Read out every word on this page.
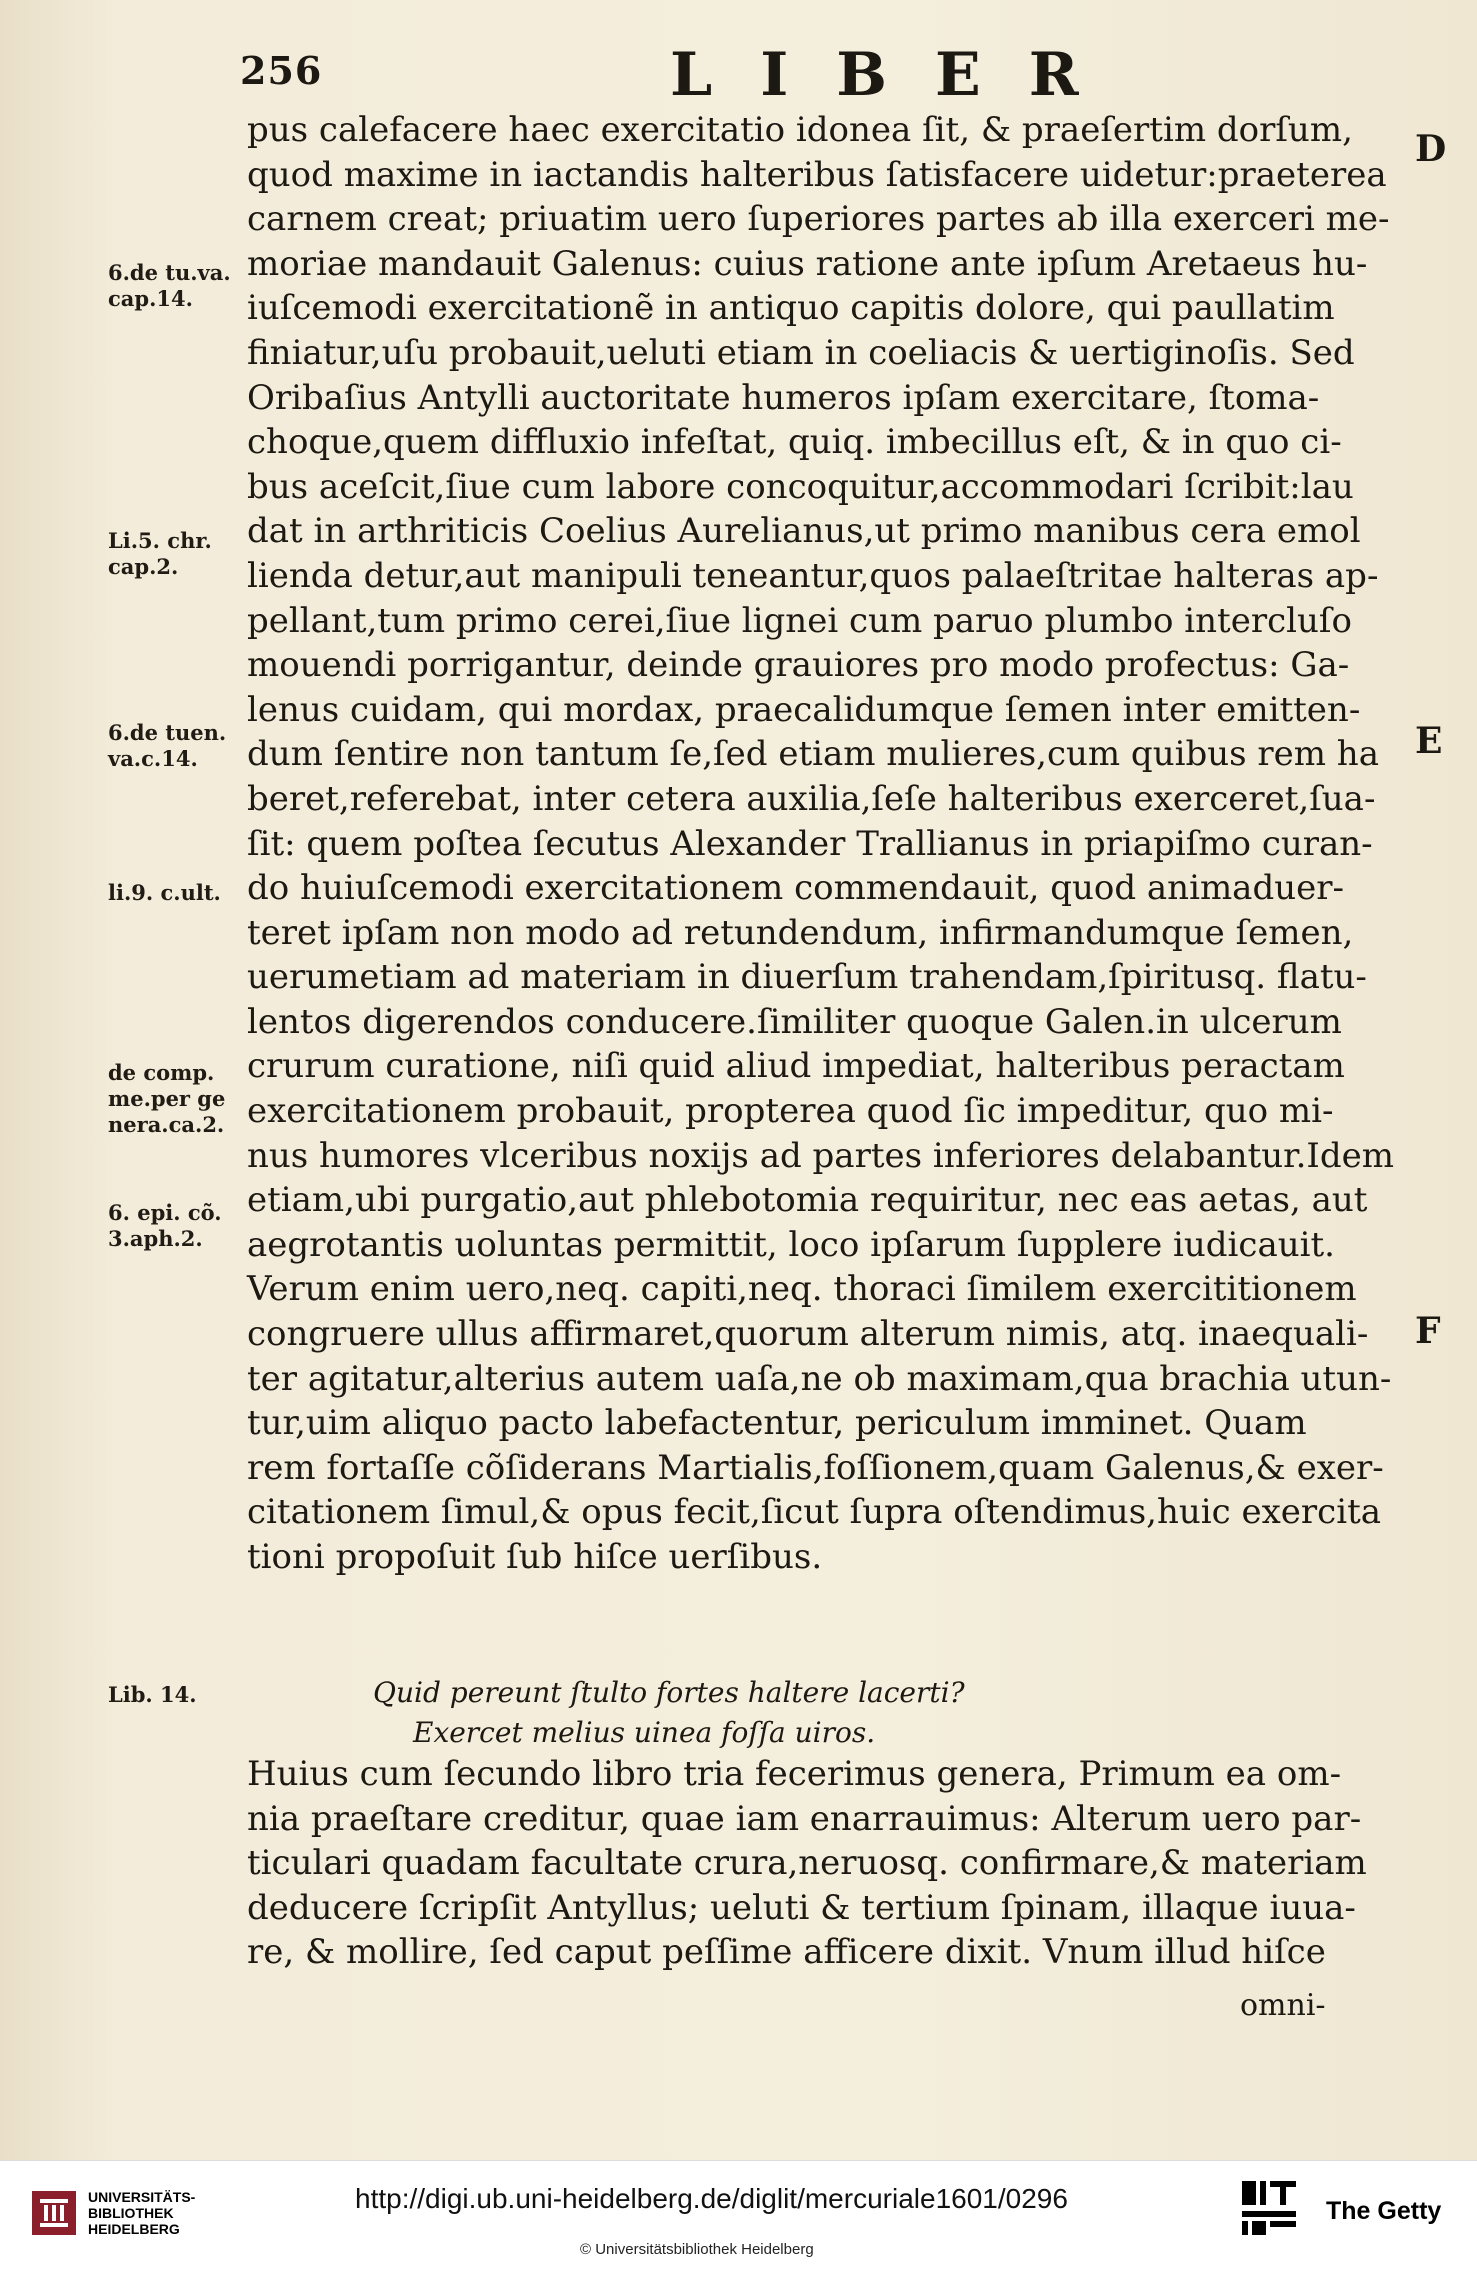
256	LIBER
pus calefacere haec exercitatio idonea ſit, & praeſertim dorſum,
quod maxime in iactandis halteribus ſatisfacere uidetur:praeterea
carnem creat; priuatim uero ſuperiores partes ab illa exerceri me-
moriae mandauit Galenus: cuius ratione ante ipſum Aretaeus hu-
iuſcemodi exercitationẽ in antiquo capitis dolore, qui paullatim
finiatur,uſu probauit,ueluti etiam in coeliacis & uertiginoſis. Sed
Oribaſius Antylli auctoritate humeros ipſam exercitare, ſtoma-
choque,quem diffluxio infeſtat, quiq. imbecillus eſt, & in quo ci-
bus aceſcit,ſiue cum labore concoquitur,accommodari ſcribit:lau
dat in arthriticis Coelius Aurelianus,ut primo manibus cera emol
lienda detur,aut manipuli teneantur,quos palaeſtritae halteras ap-
pellant,tum primo cerei,ſiue lignei cum paruo plumbo intercluſo
mouendi porrigantur, deinde grauiores pro modo profectus: Ga-
lenus cuidam, qui mordax, praecalidumque ſemen inter emitten-
dum ſentire non tantum ſe,ſed etiam mulieres,cum quibus rem ha
beret,referebat, inter cetera auxilia,ſeſe halteribus exerceret,ſua-
ſit: quem poſtea ſecutus Alexander Trallianus in priapiſmo curan-
do huiuſcemodi exercitationem commendauit, quod animaduer-
teret ipſam non modo ad retundendum, infirmandumque ſemen,
uerumetiam ad materiam in diuerſum trahendam,ſpiritusq. flatu-
lentos digerendos conducere.ſimiliter quoque Galen.in ulcerum
crurum curatione, niſi quid aliud impediat, halteribus peractam
exercitationem probauit, propterea quod ſic impeditur, quo mi-
nus humores vlceribus noxijs ad partes inferiores delabantur.Idem
etiam,ubi purgatio,aut phlebotomia requiritur, nec eas aetas, aut
aegrotantis uoluntas permittit, loco ipſarum ſupplere iudicauit.
Verum enim uero,neq. capiti,neq. thoraci ſimilem exercititionem
congruere ullus affirmaret,quorum alterum nimis, atq. inaequali-
ter agitatur,alterius autem uaſa,ne ob maximam,qua brachia utun-
tur,uim aliquo pacto labefactentur, periculum imminet. Quam
rem fortaſſe cõſiderans Martialis,foſſionem,quam Galenus,& exer-
citationem ſimul,& opus fecit,ſicut ſupra oſtendimus,huic exercita
tioni propoſuit ſub hiſce uerſibus.
D
E
F
6.de tu.va.
cap.14.
Li.5. chr.
cap.2.
6.de tuen.
va.c.14.
li.9. c.ult.
de comp.
me.per ge
nera.ca.2.
6. epi. cõ.
3.aph.2.
Lib. 14.	Quid pereunt ſtulto fortes haltere lacerti?
Exercet melius uinea foſſa uiros.
Huius cum ſecundo libro tria fecerimus genera, Primum ea om-
nia praeſtare creditur, quae iam enarrauimus: Alterum uero par-
ticulari quadam facultate crura,neruosq. confirmare,& materiam
deducere ſcripſit Antyllus; ueluti & tertium ſpinam, illaque iuua-
re, & mollire, ſed caput peſſime afficere dixit. Vnum illud hiſce
omni-
UNIVERSITÄTS-
BIBLIOTHEK
HEIDELBERG
http://digi.ub.uni-heidelberg.de/diglit/mercuriale1601/0296
© Universitätsbibliothek Heidelberg
The Getty
